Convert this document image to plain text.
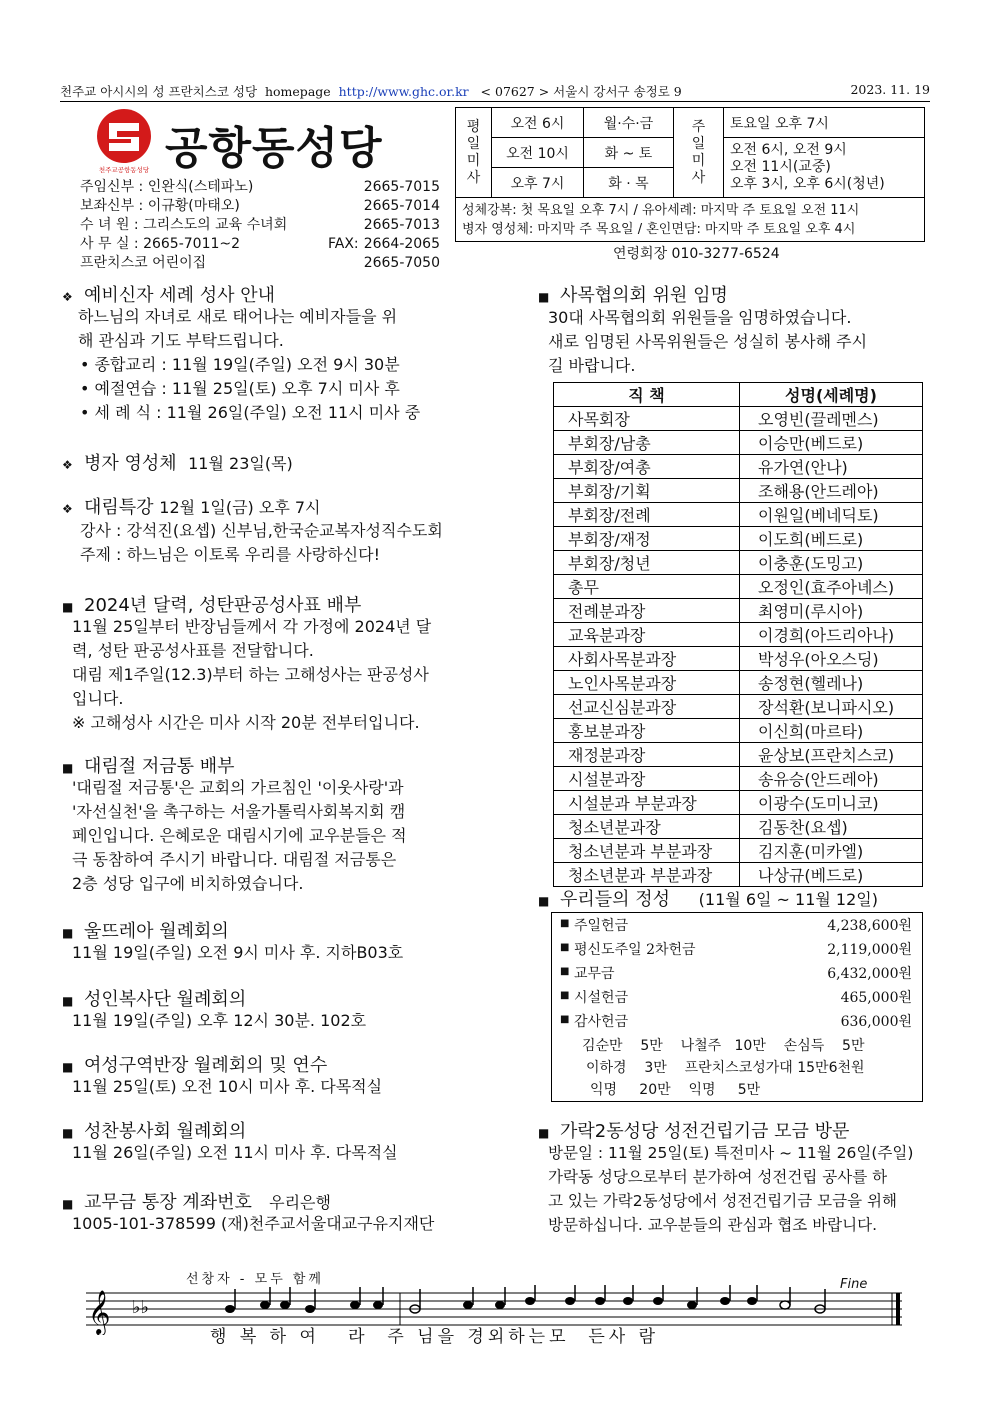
천주교 아시시의 성 프란치스코 성당 homepage http://www.ghc.or.kr < 07627 > 서울시 강서구 송정로 9	2023. 11. 19
천주교공항동성당 공항동성당
주임신부 : 인완식(스테파노)	2665-7015
보좌신부 : 이규황(마태오)	2665-7014
수 녀 원 : 그리스도의 교육 수녀회	2665-7013
사 무 실 : 2665-7011~2	FAX: 2664-2065
프란치스코 어린이집	2665-7050
평
일
미
사
오전 6시	월·수·금
오전 10시	화 ~ 토
오후 7시	화 · 목
주
일
미
사
토요일 오후 7시
오전 6시, 오전 9시
오전 11시(교중)
오후 3시, 오후 6시(청년)
성체강복: 첫 목요일 오후 7시 / 유아세례: 마지막 주 토요일 오전 11시
병자 영성체: 마지막 주 목요일 / 혼인면담: 마지막 주 토요일 오후 4시
연령회장 010-3277-6524
❖ 예비신자 세례 성사 안내
하느님의 자녀로 새로 태어나는 예비자들을 위
해 관심과 기도 부탁드립니다.
• 종합교리 : 11월 19일(주일) 오전 9시 30분
• 예절연습 : 11월 25일(토) 오후 7시 미사 후
• 세 례 식 : 11월 26일(주일) 오전 11시 미사 중
❖ 병자 영성체 11월 23일(목)
❖ 대림특강 12월 1일(금) 오후 7시
강사 : 강석진(요셉) 신부님,한국순교복자성직수도회
주제 : 하느님은 이토록 우리를 사랑하신다!
■ 2024년 달력, 성탄판공성사표 배부
11월 25일부터 반장님들께서 각 가정에 2024년 달
력, 성탄 판공성사표를 전달합니다.
대림 제1주일(12.3)부터 하는 고해성사는 판공성사
입니다.
※ 고해성사 시간은 미사 시작 20분 전부터입니다.
■ 대림절 저금통 배부
'대림절 저금통'은 교회의 가르침인 '이웃사랑'과
'자선실천'을 촉구하는 서울가톨릭사회복지회 캠
페인입니다. 은혜로운 대림시기에 교우분들은 적
극 동참하여 주시기 바랍니다. 대림절 저금통은
2층 성당 입구에 비치하였습니다.
■ 울뜨레아 월례회의
11월 19일(주일) 오전 9시 미사 후. 지하B03호
■ 성인복사단 월례회의
11월 19일(주일) 오후 12시 30분. 102호
■ 여성구역반장 월례회의 및 연수
11월 25일(토) 오전 10시 미사 후. 다목적실
■ 성찬봉사회 월례회의
11월 26일(주일) 오전 11시 미사 후. 다목적실
■ 교무금 통장 계좌번호 우리은행
1005-101-378599 (재)천주교서울대교구유지재단
■ 사목협의회 위원 임명
30대 사목협의회 위원들을 임명하였습니다.
새로 임명된 사목위원들은 성실히 봉사해 주시
길 바랍니다.
직 책	성명(세례명)
사목회장	오영빈(끌레멘스)
부회장/남총	이승만(베드로)
부회장/여총	유가연(안나)
부회장/기획	조해용(안드레아)
부회장/전례	이원일(베네딕토)
부회장/재정	이도희(베드로)
부회장/청년	이충훈(도밍고)
총무	오정인(효주아녜스)
전례분과장	최영미(루시아)
교육분과장	이경희(아드리아나)
사회사목분과장	박성우(아오스딩)
노인사목분과장	송정현(헬레나)
선교신심분과장	장석환(보니파시오)
홍보분과장	이신희(마르타)
재정분과장	윤상보(프란치스코)
시설분과장	송유승(안드레아)
시설분과 부분과장	이광수(도미니코)
청소년분과장	김동찬(요셉)
청소년분과 부분과장	김지훈(미카엘)
청소년분과 부분과장	나상규(베드로)
■ 우리들의 정성 (11월 6일 ~ 11월 12일)
■ 주일헌금	4,238,600원
■ 평신도주일 2차헌금	2,119,000원
■ 교무금	6,432,000원
■ 시설헌금	465,000원
■ 감사헌금	636,000원
김순만    5만    나철주   10만    손심득    5만
이하경    3만    프란치스코성가대 15만6천원
익명     20만    익명     5만
■ 가락2동성당 성전건립기금 모금 방문
방문일 : 11월 25일(토) 특전미사 ~ 11월 26일(주일)
가락동 성당으로부터 분가하여 성전건립 공사를 하
고 있는 가락2동성당에서 성전건립기금 모금을 위해
방문하십니다. 교우분들의 관심과 협조 바랍니다.
선창자 - 모두 함께	Fine
𝄞 ♭♭
행 복 하 여   라  주 님을 경외하는모  든사 람
